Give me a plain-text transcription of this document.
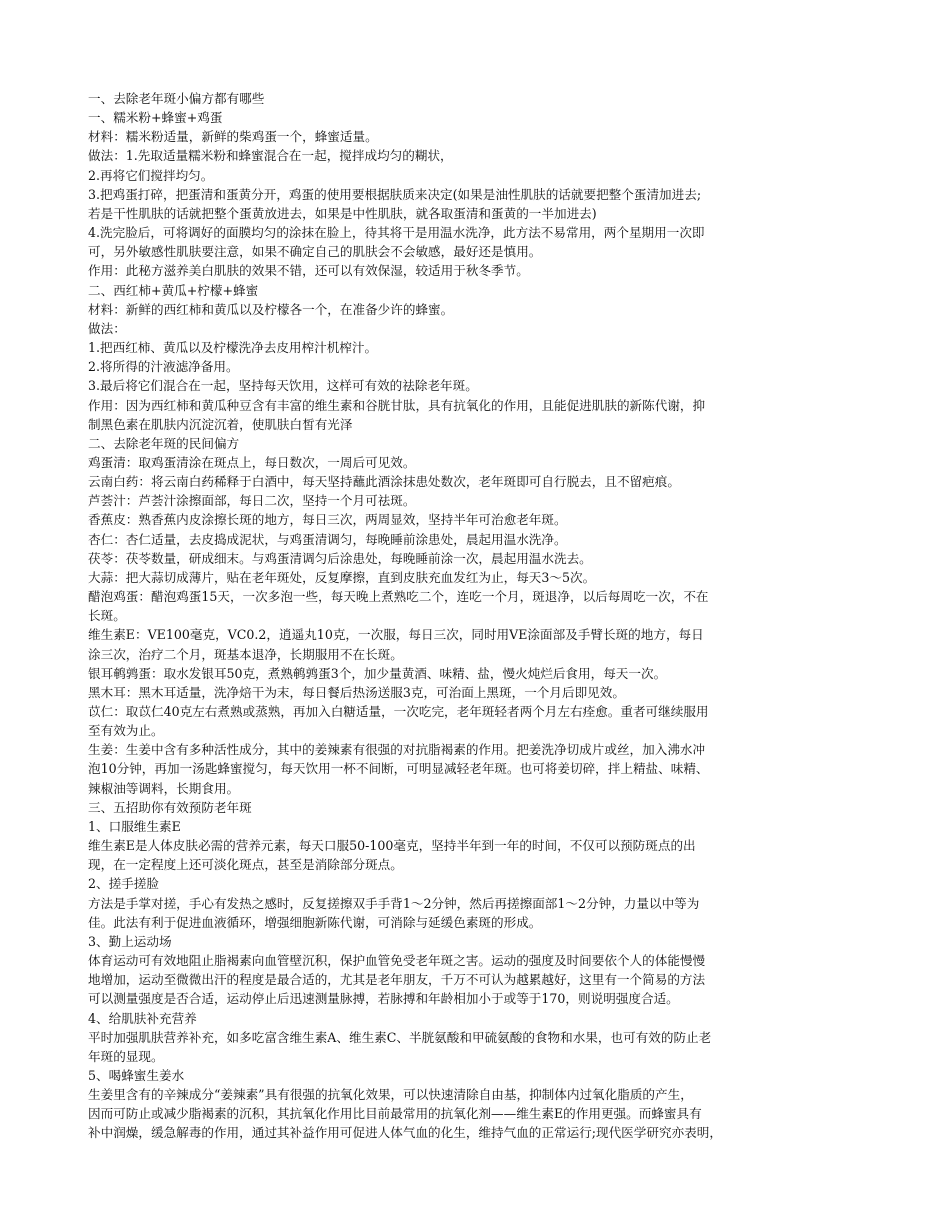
一、去除老年斑小偏方都有哪些
一、糯米粉+蜂蜜+鸡蛋
材料：糯米粉适量，新鲜的柴鸡蛋一个，蜂蜜适量。
做法：1.先取适量糯米粉和蜂蜜混合在一起，搅拌成均匀的糊状，
2.再将它们搅拌均匀。
3.把鸡蛋打碎，把蛋清和蛋黄分开，鸡蛋的使用要根据肤质来决定(如果是油性肌肤的话就要把整个蛋清加进去;
若是干性肌肤的话就把整个蛋黄放进去，如果是中性肌肤，就各取蛋清和蛋黄的一半加进去)
4.洗完脸后，可将调好的面膜均匀的涂抹在脸上，待其将干是用温水洗净，此方法不易常用，两个星期用一次即
可，另外敏感性肌肤要注意，如果不确定自己的肌肤会不会敏感，最好还是慎用。
作用：此秘方滋养美白肌肤的效果不错，还可以有效保湿，较适用于秋冬季节。
二、西红柿+黄瓜+柠檬+蜂蜜
材料：新鲜的西红柿和黄瓜以及柠檬各一个，在准备少许的蜂蜜。
做法：
1.把西红柿、黄瓜以及柠檬洗净去皮用榨汁机榨汁。
2.将所得的汁液滤净备用。
3.最后将它们混合在一起，坚持每天饮用，这样可有效的祛除老年斑。
作用：因为西红柿和黄瓜种豆含有丰富的维生素和谷胱甘肽，具有抗氧化的作用，且能促进肌肤的新陈代谢，抑
制黑色素在肌肤内沉淀沉着，使肌肤白皙有光泽
二、去除老年斑的民间偏方
鸡蛋清：取鸡蛋清涂在斑点上，每日数次，一周后可见效。
云南白药：将云南白药稀释于白酒中，每天坚持蘸此酒涂抹患处数次，老年斑即可自行脱去，且不留疤痕。
芦荟汁：芦荟汁涂擦面部，每日二次，坚持一个月可祛斑。
香蕉皮：熟香蕉内皮涂擦长斑的地方，每日三次，两周显效，坚持半年可治愈老年斑。
杏仁：杏仁适量，去皮捣成泥状，与鸡蛋清调匀，每晚睡前涂患处，晨起用温水洗净。
茯苓：茯苓数量，研成细末。与鸡蛋清调匀后涂患处，每晚睡前涂一次，晨起用温水洗去。
大蒜：把大蒜切成薄片，贴在老年斑处，反复摩擦，直到皮肤充血发红为止，每天3～5次。
醋泡鸡蛋：醋泡鸡蛋15天，一次多泡一些，每天晚上煮熟吃二个，连吃一个月，斑退净，以后每周吃一次，不在
长斑。
维生素E：VE100毫克，VC0.2，逍遥丸10克，一次服，每日三次，同时用VE涂面部及手臂长斑的地方，每日
涂三次，治疗二个月，斑基本退净，长期服用不在长斑。
银耳鹌鹑蛋：取水发银耳50克，煮熟鹌鹑蛋3个，加少量黄酒、味精、盐，慢火炖烂后食用，每天一次。
黑木耳：黑木耳适量，洗净焙干为末，每日餐后热汤送服3克，可治面上黑斑，一个月后即见效。
苡仁：取苡仁40克左右煮熟或蒸熟，再加入白糖适量，一次吃完，老年斑轻者两个月左右痊愈。重者可继续服用
至有效为止。
生姜：生姜中含有多种活性成分，其中的姜辣素有很强的对抗脂褐素的作用。把姜洗净切成片或丝，加入沸水冲
泡10分钟，再加一汤匙蜂蜜搅匀，每天饮用一杯不间断，可明显减轻老年斑。也可将姜切碎，拌上精盐、味精、
辣椒油等调料，长期食用。
三、五招助你有效预防老年斑
1、口服维生素E
维生素E是人体皮肤必需的营养元素，每天口服50-100毫克，坚持半年到一年的时间，不仅可以预防斑点的出
现，在一定程度上还可淡化斑点，甚至是消除部分斑点。
2、搓手搓脸
方法是手掌对搓，手心有发热之感时，反复搓擦双手手背1～2分钟，然后再搓擦面部1～2分钟，力量以中等为
佳。此法有利于促进血液循环，增强细胞新陈代谢，可消除与延缓色素斑的形成。
3、勤上运动场
体育运动可有效地阻止脂褐素向血管壁沉积，保护血管免受老年斑之害。运动的强度及时间要依个人的体能慢慢
地增加，运动至微微出汗的程度是最合适的，尤其是老年朋友，千万不可认为越累越好，这里有一个简易的方法
可以测量强度是否合适，运动停止后迅速测量脉搏，若脉搏和年龄相加小于或等于170，则说明强度合适。
4、给肌肤补充营养
平时加强肌肤营养补充，如多吃富含维生素A、维生素C、半胱氨酸和甲硫氨酸的食物和水果，也可有效的防止老
年斑的显现。
5、喝蜂蜜生姜水
生姜里含有的辛辣成分“姜辣素”具有很强的抗氧化效果，可以快速清除自由基，抑制体内过氧化脂质的产生，
因而可防止或减少脂褐素的沉积，其抗氧化作用比目前最常用的抗氧化剂——维生素E的作用更强。而蜂蜜具有
补中润燥，缓急解毒的作用，通过其补益作用可促进人体气血的化生，维持气血的正常运行;现代医学研究亦表明，
